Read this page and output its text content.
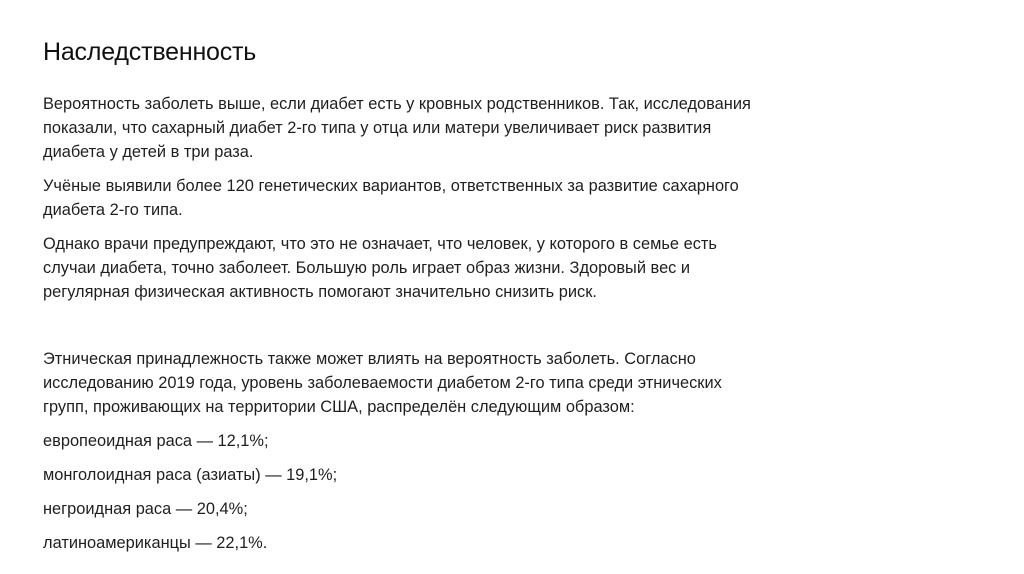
Наследственность

Вероятность заболеть выше, если диабет есть у кровных родственников. Так, исследования
показали, что сахарный диабет 2-го типа у отца или матери увеличивает риск развития
диабета у детей в три раза.

Учёные выявили более 120 генетических вариантов, ответственных за развитие сахарного
диабета 2-го типа.

Однако врачи предупреждают, что это не означает, что человек, у которого в семье есть
случаи диабета, точно заболеет. Большую роль играет образ жизни. Здоровый вес и
регулярная физическая активность помогают значительно снизить риск.

Этническая принадлежность также может влиять на вероятность заболеть. Согласно
исследованию 2019 года, уровень заболеваемости диабетом 2-го типа среди этнических
групп, проживающих на территории США, распределён следующим образом:

европеоидная раса — 12,1%;

монголоидная раса (азиаты) — 19,1%;

негроидная раса — 20,4%;

латиноамериканцы — 22,1%.
